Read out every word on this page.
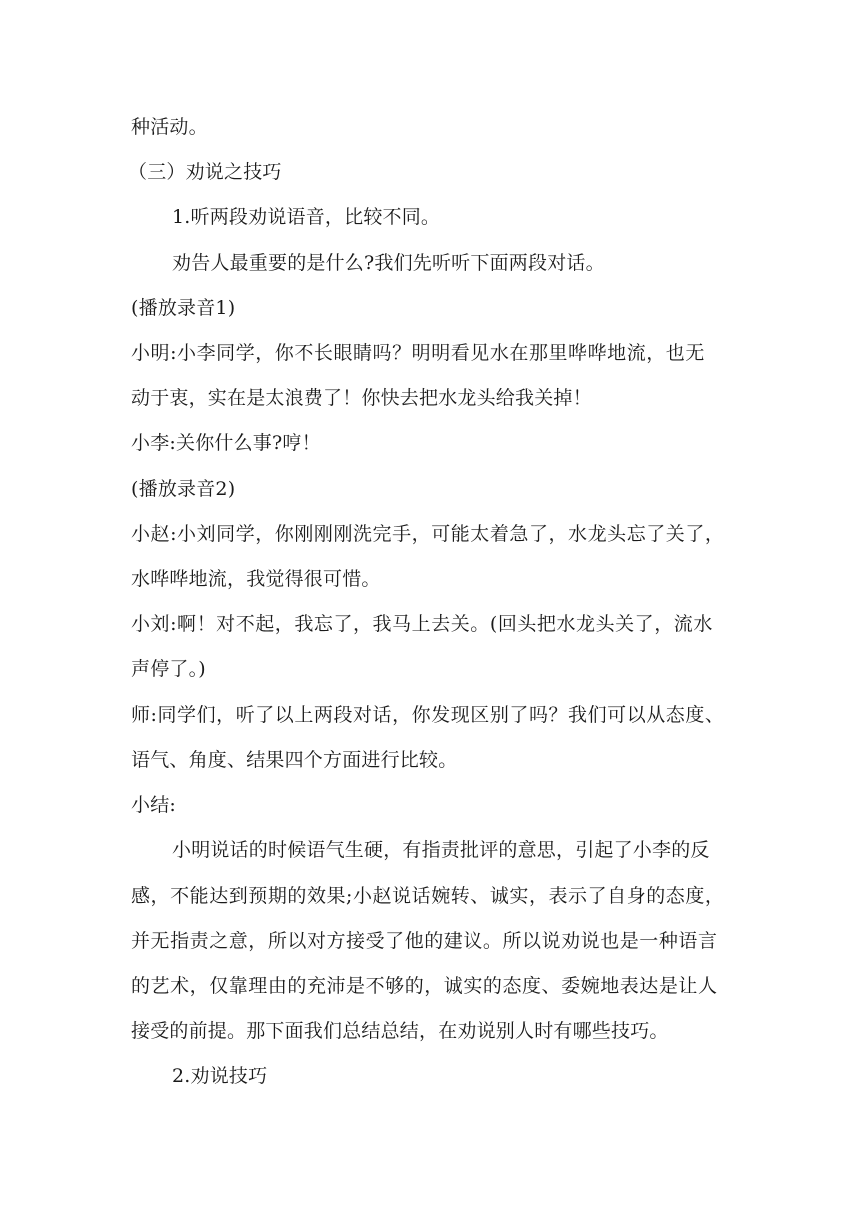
种活动。
（三）劝说之技巧
1.听两段劝说语音，比较不同。
劝告人最重要的是什么?我们先听听下面两段对话。
(播放录音1)
小明:小李同学，你不长眼睛吗？明明看见水在那里哗哗地流，也无
动于衷，实在是太浪费了！你快去把水龙头给我关掉！
小李:关你什么事?哼！
(播放录音2)
小赵:小刘同学，你刚刚刚洗完手，可能太着急了，水龙头忘了关了，
水哗哗地流，我觉得很可惜。
小刘:啊！对不起，我忘了，我马上去关。(回头把水龙头关了，流水
声停了。)
师:同学们，听了以上两段对话，你发现区别了吗？我们可以从态度、
语气、角度、结果四个方面进行比较。
小结:
小明说话的时候语气生硬，有指责批评的意思，引起了小李的反
感，不能达到预期的效果;小赵说话婉转、诚实，表示了自身的态度，
并无指责之意，所以对方接受了他的建议。所以说劝说也是一种语言
的艺术，仅靠理由的充沛是不够的，诚实的态度、委婉地表达是让人
接受的前提。那下面我们总结总结，在劝说别人时有哪些技巧。
2.劝说技巧
